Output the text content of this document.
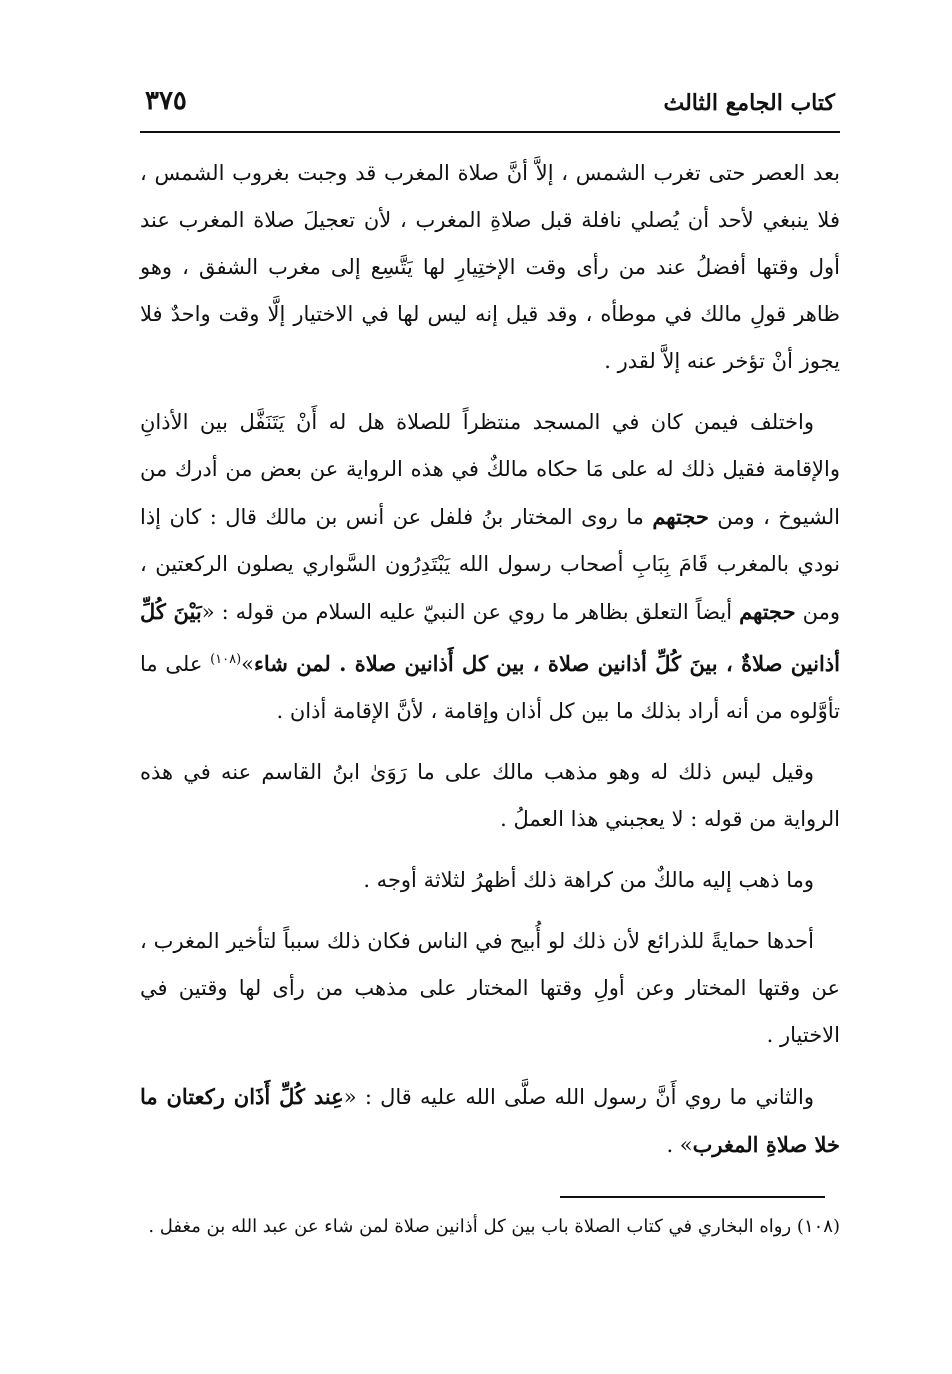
كتاب الجامع الثالث
٣٧٥

بعد العصر حتى تغرب الشمس ، إلاَّ أنَّ صلاة المغرب قد وجبت بغروب الشمس ، فلا ينبغي لأحد أن يُصلي نافلة قبل صلاةِ المغرب ، لأن تعجيلَ صلاة المغرب عند أول وقتها أفضلُ عند من رأى وقت الإختِيارِ لها يَتَّسِع إلى مغرب الشفق ، وهو ظاهر قولِ مالك في موطأه ، وقد قيل إنه ليس لها في الاختيار إلَّا وقت واحدٌ فلا يجوز أنْ تؤخر عنه إلاَّ لقدر .

واختلف فيمن كان في المسجد منتظراً للصلاة هل له أَنْ يَتَنَفَّل بين الأذانِ والإقامة فقيل ذلك له على مَا حكاه مالكٌ في هذه الرواية عن بعض من أدرك من الشيوخ ، ومن حجتهم ما روى المختار بنُ فلفل عن أنس بن مالك قال : كان إذا نودي بالمغرب قَامَ بِبَابِ أصحاب رسول الله يَبْتَدِرُون السَّواري يصلون الركعتين ، ومن حجتهم أيضاً التعلق بظاهر ما روي عن النبيّ عليه السلام من قوله : «بَيْنَ كُلِّ أذانين صلاةٌ ، بينَ كُلِّ أذانين صلاة ، بين كل أَذانين صلاة . لمن شاء»$^{(١٠٨)}$ على ما تأوَّلوه من أنه أراد بذلك ما بين كل أذان وإقامة ، لأنَّ الإقامة أذان .

وقيل ليس ذلك له وهو مذهب مالك على ما رَوَىٰ ابنُ القاسم عنه في هذه الرواية من قوله : لا يعجبني هذا العملُ .

وما ذهب إليه مالكٌ من كراهة ذلك أظهرُ لثلاثة أوجه .

أحدها حمايةً للذرائع لأن ذلك لو أُبيح في الناس فكان ذلك سبباً لتأخير المغرب ، عن وقتها المختار وعن أولِ وقتها المختار على مذهب من رأى لها وقتين في الاختيار .

والثاني ما روي أَنَّ رسول الله صلَّى الله عليه قال : «عِند كُلِّ أَذَان ركعتان ما خلا صلاةِ المغرب» .

(١٠٨) رواه البخاري في كتاب الصلاة باب بين كل أذانين صلاة لمن شاء عن عبد الله بن مغفل .
